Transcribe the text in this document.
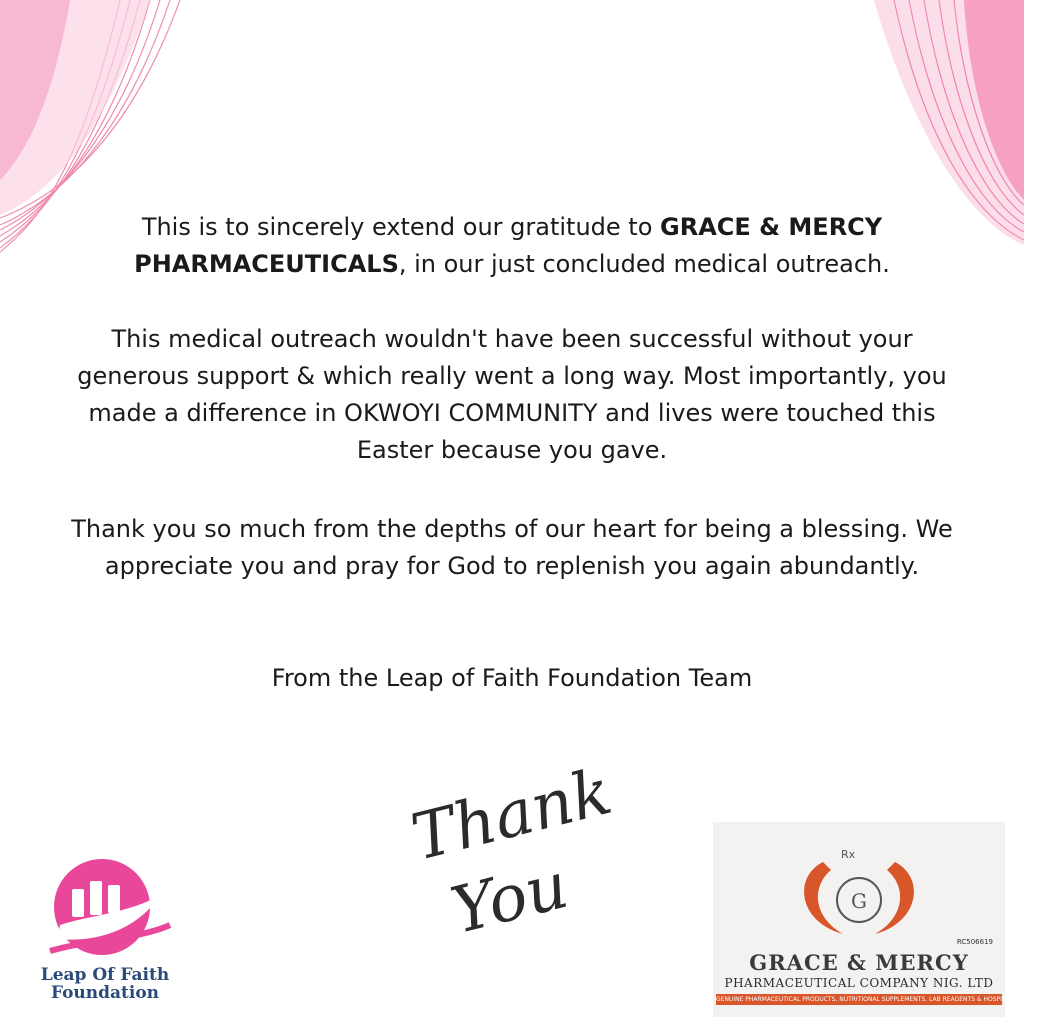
This is to sincerely extend our gratitude to GRACE & MERCY PHARMACEUTICALS, in our just concluded medical outreach.
This medical outreach wouldn't have been successful without your generous support & which really went a long way. Most importantly, you made a difference in OKWOYI COMMUNITY and lives were touched this Easter because you gave.
Thank you so much from the depths of our heart for being a blessing. We appreciate you and pray for God to replenish you again abundantly.
From the Leap of Faith Foundation Team
Thank
You
Leap Of Faith
Foundation
G
Rx
RC506619
GRACE & MERCY
PHARMACEUTICAL COMPANY NIG. LTD
GENUINE PHARMACEUTICAL PRODUCTS, NUTRITIONAL SUPPLEMENTS, LAB REAGENTS & HOSPITAL EQUIPMENTS
